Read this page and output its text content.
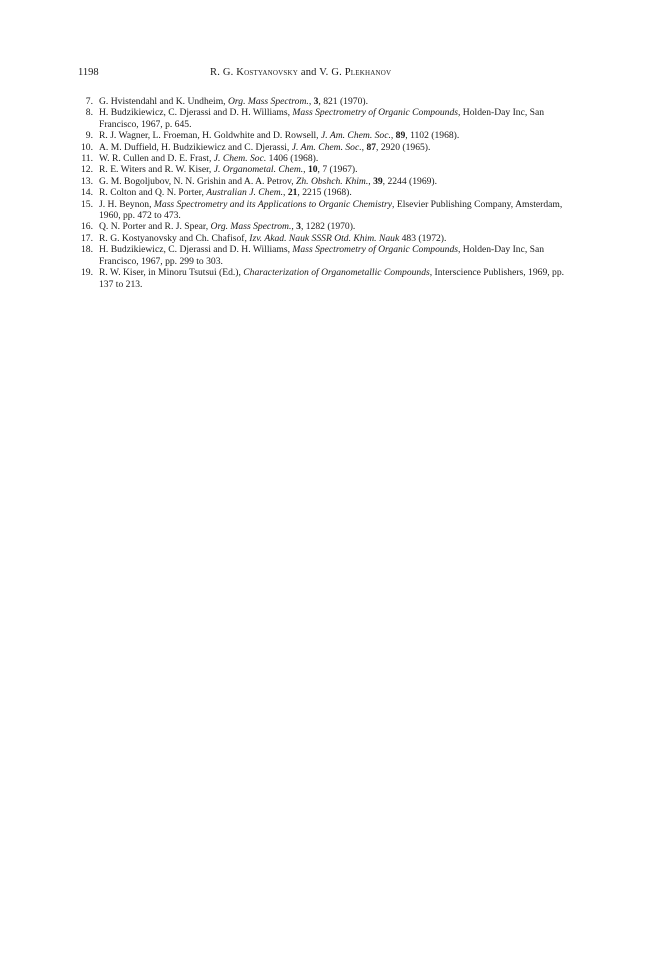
1198	R. G. Kostyanovsky and V. G. Plekhanov
7. G. Hvistendahl and K. Undheim, Org. Mass Spectrom., 3, 821 (1970).
8. H. Budzikiewicz, C. Djerassi and D. H. Williams, Mass Spectrometry of Organic Compounds, Holden-Day Inc, San Francisco, 1967, p. 645.
9. R. J. Wagner, L. Froeman, H. Goldwhite and D. Rowsell, J. Am. Chem. Soc., 89, 1102 (1968).
10. A. M. Duffield, H. Budzikiewicz and C. Djerassi, J. Am. Chem. Soc., 87, 2920 (1965).
11. W. R. Cullen and D. E. Frast, J. Chem. Soc. 1406 (1968).
12. R. E. Witers and R. W. Kiser, J. Organometal. Chem., 10, 7 (1967).
13. G. M. Bogoljubov, N. N. Grishin and A. A. Petrov, Zh. Obshch. Khim., 39, 2244 (1969).
14. R. Colton and Q. N. Porter, Australian J. Chem., 21, 2215 (1968).
15. J. H. Beynon, Mass Spectrometry and its Applications to Organic Chemistry, Elsevier Publishing Company, Amsterdam, 1960, pp. 472 to 473.
16. Q. N. Porter and R. J. Spear, Org. Mass Spectrom., 3, 1282 (1970).
17. R. G. Kostyanovsky and Ch. Chafisof, Izv. Akad. Nauk SSSR Otd. Khim. Nauk 483 (1972).
18. H. Budzikiewicz, C. Djerassi and D. H. Williams, Mass Spectrometry of Organic Compounds, Holden-Day Inc, San Francisco, 1967, pp. 299 to 303.
19. R. W. Kiser, in Minoru Tsutsui (Ed.), Characterization of Organometallic Compounds, Interscience Publishers, 1969, pp. 137 to 213.
